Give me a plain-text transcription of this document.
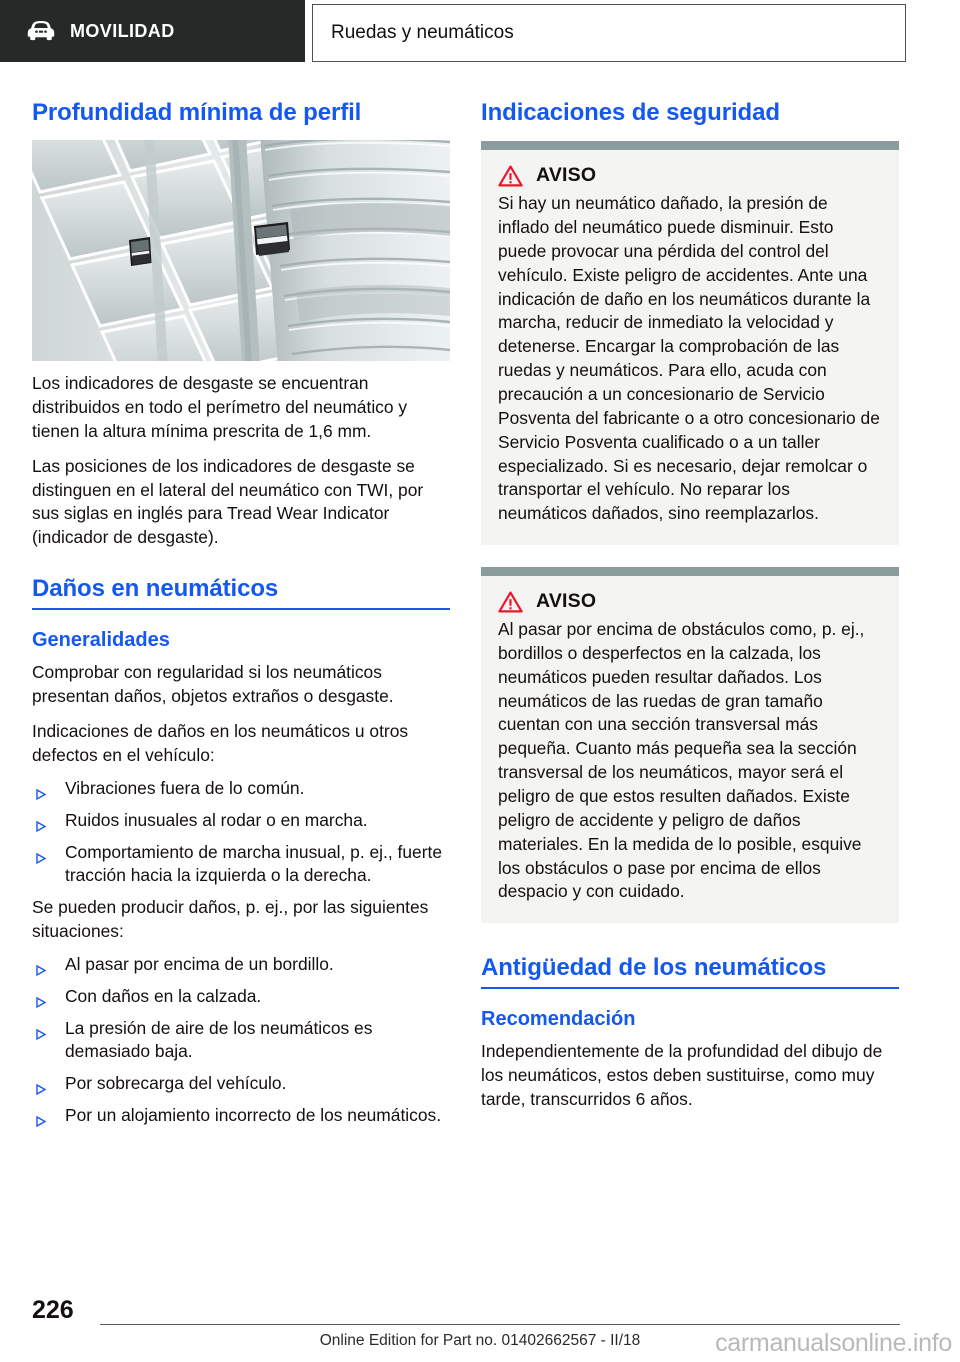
MOVILIDAD	Ruedas y neumáticos
Profundidad mínima de perfil

Los indicadores de desgaste se encuentran distribuidos en todo el perímetro del neumático y tienen la altura mínima prescrita de 1,6 mm.

Las posiciones de los indicadores de desgaste se distinguen en el lateral del neumático con TWI, por sus siglas en inglés para Tread Wear Indicator (indicador de desgaste).

Daños en neumáticos
Generalidades

Comprobar con regularidad si los neumáticos presentan daños, objetos extraños o desgaste.

Indicaciones de daños en los neumáticos u otros defectos en el vehículo:

Vibraciones fuera de lo común.
Ruidos inusuales al rodar o en marcha.
Comportamiento de marcha inusual, p. ej., fuerte tracción hacia la izquierda o la derecha.

Se pueden producir daños, p. ej., por las siguientes situaciones:

Al pasar por encima de un bordillo.
Con daños en la calzada.
La presión de aire de los neumáticos es demasiado baja.
Por sobrecarga del vehículo.
Por un alojamiento incorrecto de los neumáticos.
Indicaciones de seguridad
AVISO
Si hay un neumático dañado, la presión de inflado del neumático puede disminuir. Esto puede provocar una pérdida del control del vehículo. Existe peligro de accidentes. Ante una indicación de daño en los neumáticos durante la marcha, reducir de inmediato la velocidad y detenerse. Encargar la comprobación de las ruedas y neumáticos. Para ello, acuda con precaución a un concesionario de Servicio Posventa del fabricante o a otro concesionario de Servicio Posventa cualificado o a un taller especializado. Si es necesario, dejar remolcar o transportar el vehículo. No reparar los neumáticos dañados, sino reemplazarlos.
AVISO
Al pasar por encima de obstáculos como, p. ej., bordillos o desperfectos en la calzada, los neumáticos pueden resultar dañados. Los neumáticos de las ruedas de gran tamaño cuentan con una sección transversal más pequeña. Cuanto más pequeña sea la sección transversal de los neumáticos, mayor será el peligro de que estos resulten dañados. Existe peligro de accidente y peligro de daños materiales. En la medida de lo posible, esquive los obstáculos o pase por encima de ellos despacio y con cuidado.
Antigüedad de los neumáticos
Recomendación

Independientemente de la profundidad del dibujo de los neumáticos, estos deben sustituirse, como muy tarde, transcurridos 6 años.

226
Online Edition for Part no. 01402662567 - II/18	carmanualsonline.info
